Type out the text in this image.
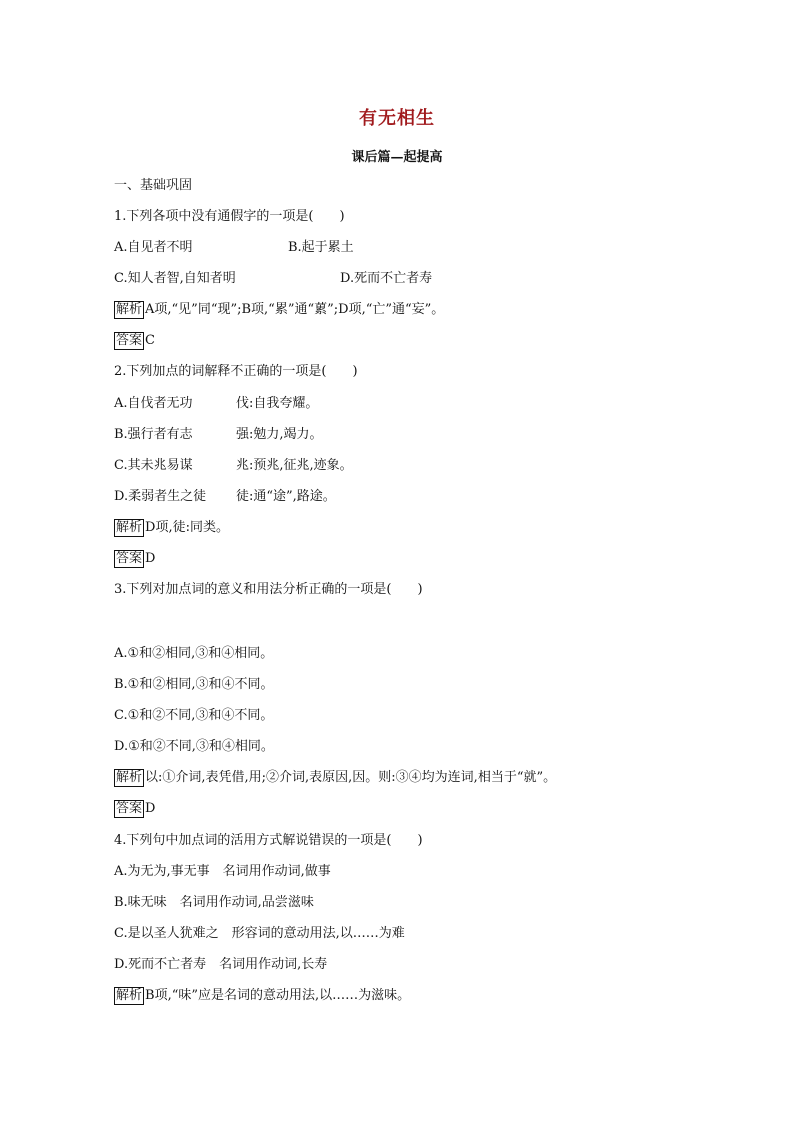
有无相生
课后篇—起提高
一、基础巩固
1.下列各项中没有通假字的一项是(　　)
A.自见者不明	B.起于累土
C.知人者智,自知者明	D.死而不亡者寿
解析 A项,“见”同“现”;B项,“累”通“蔂”;D项,“亡”通“妄”。
答案 C
2.下列加点的词解释不正确的一项是(　　)
A.自伐者无功	伐:自我夸耀。
B.强行者有志	强:勉力,竭力。
C.其未兆易谋	兆:预兆,征兆,迹象。
D.柔弱者生之徒 徒:通“途”,路途。
解析 D项,徒:同类。
答案 D
3.下列对加点词的意义和用法分析正确的一项是(　　)
A.①和②相同,③和④相同。
B.①和②相同,③和④不同。
C.①和②不同,③和④不同。
D.①和②不同,③和④相同。
解析 以:①介词,表凭借,用;②介词,表原因,因。则:③④均为连词,相当于“就”。
答案 D
4.下列句中加点词的活用方式解说错误的一项是(　　)
A.为无为,事无事　名词用作动词,做事
B.味无味　名词用作动词,品尝滋味
C.是以圣人犹难之　形容词的意动用法,以……为难
D.死而不亡者寿　名词用作动词,长寿
解析 B项,“味”应是名词的意动用法,以……为滋味。
